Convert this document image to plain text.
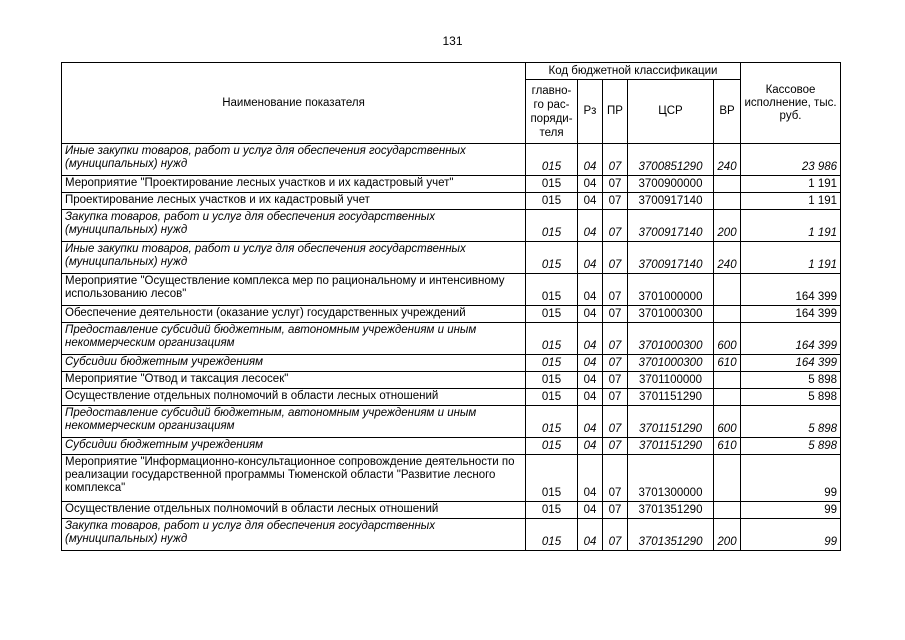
131
Наименование показателя	Код бюджетной классификации					Кассовое исполнение, тыс. руб.
	главно-го рас-поряди-теля	Рз	ПР	ЦСР	ВР	
Иные закупки товаров, работ и услуг для обеспечения государственных (муниципальных) нужд	015	04	07	3700851290	240	23 986
Мероприятие "Проектирование лесных участков и их кадастровый учет"	015	04	07	3700900000		1 191
Проектирование лесных участков и их кадастровый учет	015	04	07	3700917140		1 191
Закупка товаров, работ и услуг для обеспечения государственных (муниципальных) нужд	015	04	07	3700917140	200	1 191
Иные закупки товаров, работ и услуг для обеспечения государственных (муниципальных) нужд	015	04	07	3700917140	240	1 191
Мероприятие "Осуществление комплекса мер по рациональному и интенсивному использованию лесов"	015	04	07	3701000000		164 399
Обеспечение деятельности (оказание услуг) государственных учреждений	015	04	07	3701000300		164 399
Предоставление субсидий бюджетным, автономным учреждениям и иным некоммерческим организациям	015	04	07	3701000300	600	164 399
Субсидии бюджетным учреждениям	015	04	07	3701000300	610	164 399
Мероприятие "Отвод и таксация лесосек"	015	04	07	3701100000		5 898
Осуществление отдельных полномочий в области лесных отношений	015	04	07	3701151290		5 898
Предоставление субсидий бюджетным, автономным учреждениям и иным некоммерческим организациям	015	04	07	3701151290	600	5 898
Субсидии бюджетным учреждениям	015	04	07	3701151290	610	5 898
Мероприятие "Информационно-консультационное сопровождение деятельности по реализации государственной программы Тюменской области "Развитие лесного комплекса"	015	04	07	3701300000		99
Осуществление отдельных полномочий в области лесных отношений	015	04	07	3701351290		99
Закупка товаров, работ и услуг для обеспечения государственных (муниципальных) нужд	015	04	07	3701351290	200	99
